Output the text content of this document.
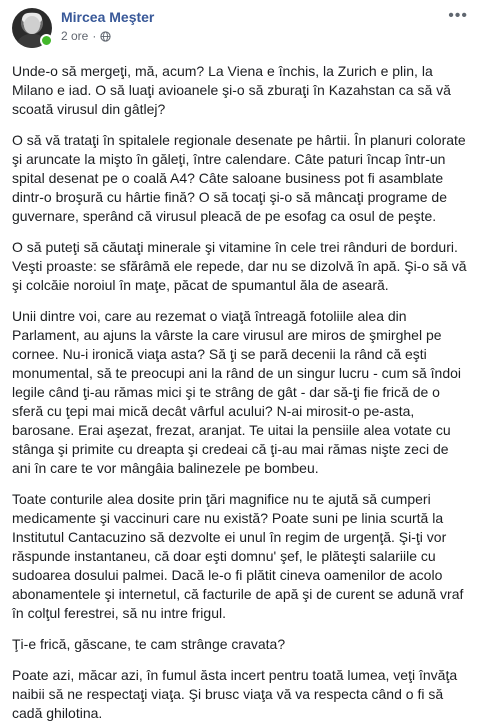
Mircea Meşter
2 ore ·
•••

Unde-o să mergeţi, mă, acum? La Viena e închis, la Zurich e plin, la Milano e iad. O să luaţi avioanele şi-o să zburaţi în Kazahstan ca să vă scoată virusul din gâtlej?

O să vă trataţi în spitalele regionale desenate pe hârtii. În planuri colorate şi aruncate la mişto în găleţi, între calendare. Câte paturi încap într-un spital desenat pe o coală A4? Câte saloane business pot fi asamblate dintr-o broşură cu hârtie fină? O să tocaţi şi-o să mâncaţi programe de guvernare, sperând că virusul pleacă de pe esofag ca osul de peşte.

O să puteţi să căutaţi minerale şi vitamine în cele trei rânduri de borduri. Veşti proaste: se sfărâmă ele repede, dar nu se dizolvă în apă. Şi-o să vă şi colcăie noroiul în maţe, păcat de spumantul ăla de aseară.

Unii dintre voi, care au rezemat o viaţă întreagă fotoliile alea din Parlament, au ajuns la vârste la care virusul are miros de şmirghel pe cornee. Nu-i ironică viaţa asta? Să ţi se pară decenii la rând că eşti monumental, să te preocupi ani la rând de un singur lucru - cum să îndoi legile când ţi-au rămas mici şi te strâng de gât - dar să-ţi fie frică de o sferă cu ţepi mai mică decât vârful acului? N-ai mirosit-o pe-asta, barosane. Erai aşezat, frezat, aranjat. Te uitai la pensiile alea votate cu stânga şi primite cu dreapta şi credeai că ţi-au mai rămas nişte zeci de ani în care te vor mângâia balinezele pe bombeu.

Toate conturile alea dosite prin ţări magnifice nu te ajută să cumperi medicamente şi vaccinuri care nu există? Poate suni pe linia scurtă la Institutul Cantacuzino să dezvolte ei unul în regim de urgenţă. Şi-ţi vor răspunde instantaneu, că doar eşti domnu' şef, le plăteşti salariile cu sudoarea dosului palmei. Dacă le-o fi plătit cineva oamenilor de acolo abonamentele şi internetul, că facturile de apă şi de curent se adună vraf în colţul ferestrei, să nu intre frigul.

Ţi-e frică, găscane, te cam strânge cravata?

Poate azi, măcar azi, în fumul ăsta incert pentru toată lumea, veţi învăţa naibii să ne respectaţi viaţa. Şi brusc viaţa vă va respecta când o fi să cadă ghilotina.
